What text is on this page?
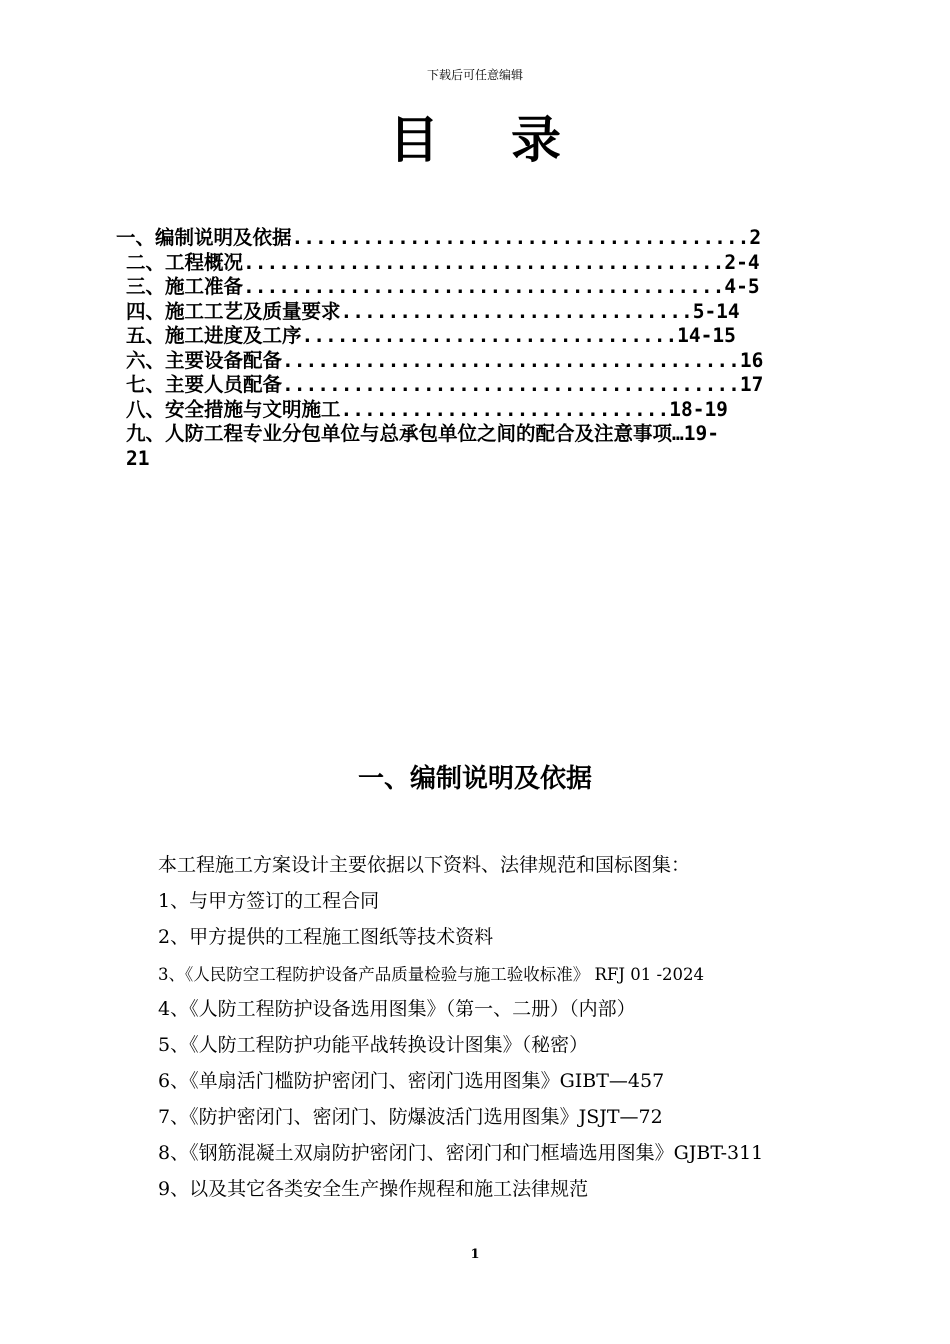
下载后可任意编辑
目 录
一、编制说明及依据.......................................2
二、工程概况.........................................2-4
三、施工准备.........................................4-5
四、施工工艺及质量要求..............................5-14
五、施工进度及工序................................14-15
六、主要设备配备.......................................16
七、主要人员配备.......................................17
八、安全措施与文明施工............................18-19
九、人防工程专业分包单位与总承包单位之间的配合及注意事项…19-
21
一、编制说明及依据
本工程施工方案设计主要依据以下资料、法律规范和国标图集：
1、与甲方签订的工程合同
2、甲方提供的工程施工图纸等技术资料
3、《人民防空工程防护设备产品质量检验与施工验收标准》 RFJ 01 -2024
4、《人防工程防护设备选用图集》（第一、二册）（内部）
5、《人防工程防护功能平战转换设计图集》（秘密）
6、《单扇活门槛防护密闭门、密闭门选用图集》GIBT—457
7、《防护密闭门、密闭门、防爆波活门选用图集》JSJT—72
8、《钢筋混凝土双扇防护密闭门、密闭门和门框墙选用图集》GJBT-311
9、以及其它各类安全生产操作规程和施工法律规范
1
